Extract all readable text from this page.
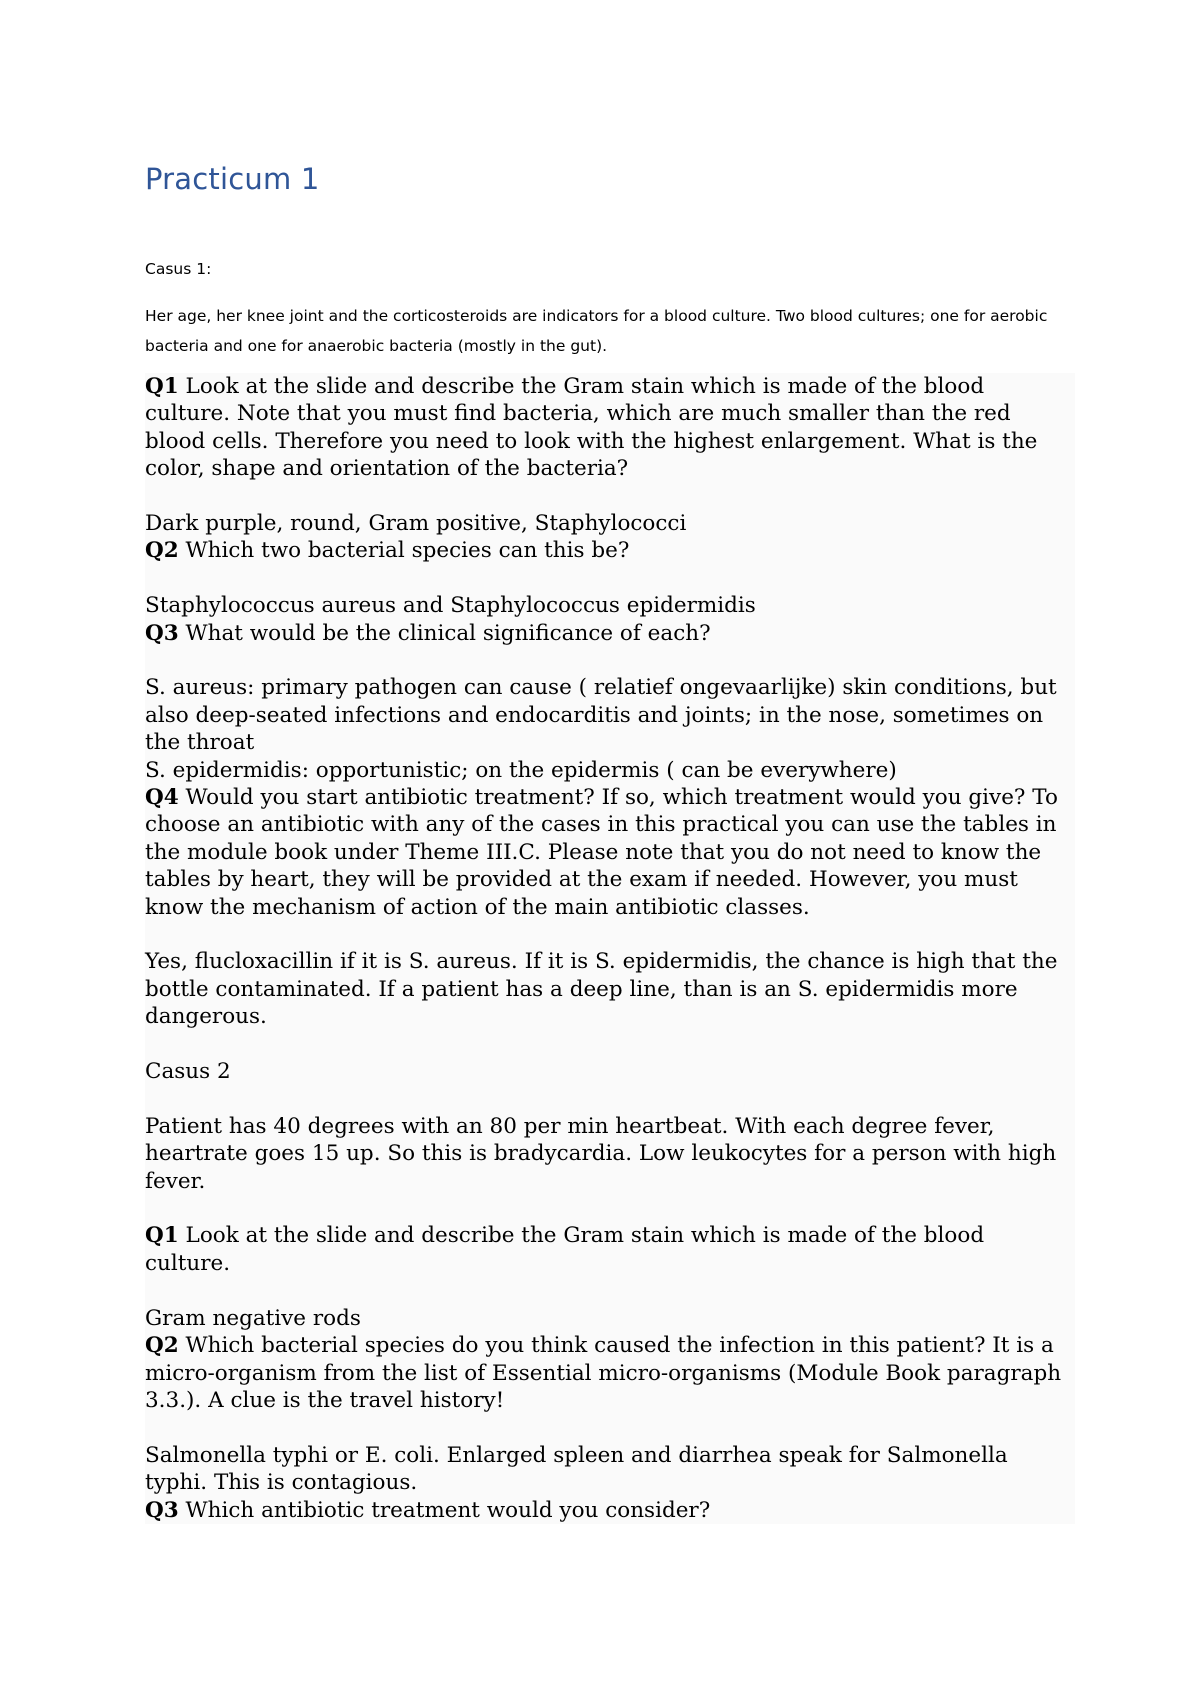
Practicum 1

Casus 1:

Her age, her knee joint and the corticosteroids are indicators for a blood culture. Two blood cultures; one for aerobic bacteria and one for anaerobic bacteria (mostly in the gut).

Q1 Look at the slide and describe the Gram stain which is made of the blood culture. Note that you must find bacteria, which are much smaller than the red blood cells. Therefore you need to look with the highest enlargement. What is the color, shape and orientation of the bacteria?

Dark purple, round, Gram positive, Staphylococci

Q2 Which two bacterial species can this be?

Staphylococcus aureus and Staphylococcus epidermidis

Q3 What would be the clinical significance of each?

S. aureus: primary pathogen can cause ( relatief ongevaarlijke) skin conditions, but also deep-seated infections and endocarditis and joints; in the nose, sometimes on the throat

S. epidermidis: opportunistic; on the epidermis ( can be everywhere)

Q4 Would you start antibiotic treatment? If so, which treatment would you give? To choose an antibiotic with any of the cases in this practical you can use the tables in the module book under Theme III.C. Please note that you do not need to know the tables by heart, they will be provided at the exam if needed. However, you must know the mechanism of action of the main antibiotic classes.

Yes, flucloxacillin if it is S. aureus. If it is S. epidermidis, the chance is high that the bottle contaminated. If a patient has a deep line, than is an S. epidermidis more dangerous.

Casus 2

Patient has 40 degrees with an 80 per min heartbeat. With each degree fever, heartrate goes 15 up. So this is bradycardia. Low leukocytes for a person with high fever.

Q1 Look at the slide and describe the Gram stain which is made of the blood culture.

Gram negative rods

Q2 Which bacterial species do you think caused the infection in this patient? It is a micro-organism from the list of Essential micro-organisms (Module Book paragraph 3.3.). A clue is the travel history!

Salmonella typhi or E. coli. Enlarged spleen and diarrhea speak for Salmonella typhi. This is contagious.

Q3 Which antibiotic treatment would you consider?
